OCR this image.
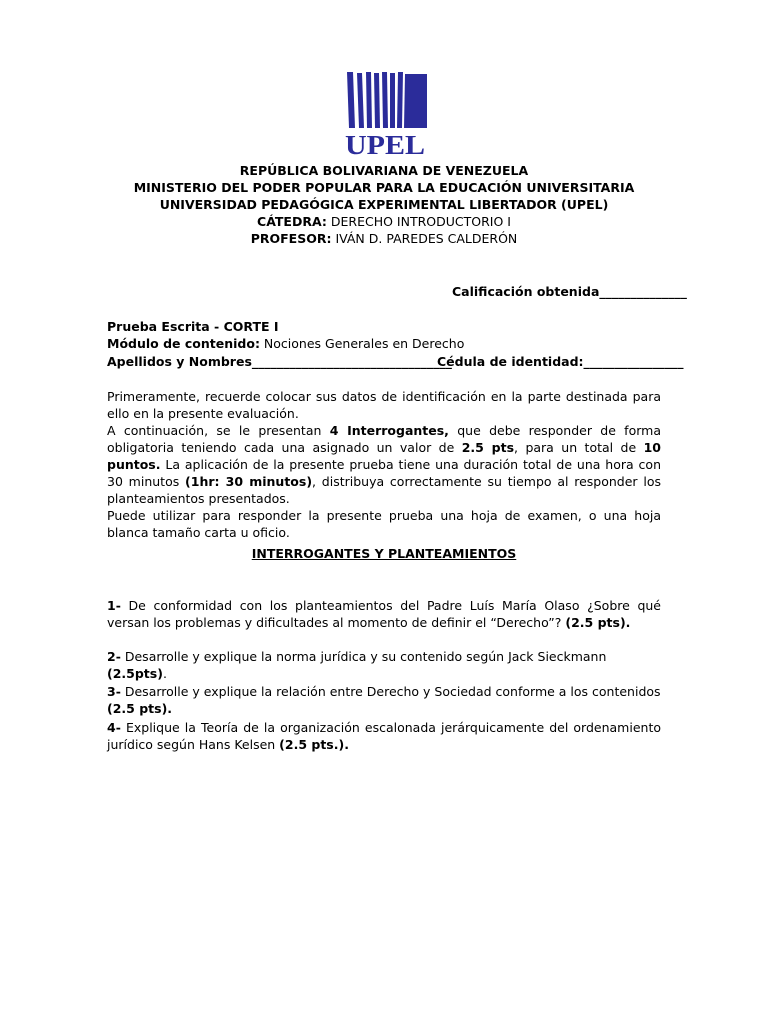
UPEL
REPÚBLICA BOLIVARIANA DE VENEZUELA
MINISTERIO DEL PODER POPULAR PARA LA EDUCACIÓN UNIVERSITARIA
UNIVERSIDAD PEDAGÓGICA EXPERIMENTAL LIBERTADOR (UPEL)
CÁTEDRA: DERECHO INTRODUCTORIO I
PROFESOR: IVÁN D. PAREDES CALDERÓN
Calificación obtenida______________
Prueba Escrita - CORTE I
Módulo de contenido: Nociones Generales en Derecho
Apellidos y Nombres________________________________
Cédula de identidad:________________

Primeramente, recuerde colocar sus datos de identificación en la parte destinada para ello en la presente evaluación.

A continuación, se le presentan 4 Interrogantes, que debe responder de forma obligatoria teniendo cada una asignado un valor de 2.5 pts, para un total de 10 puntos. La aplicación de la presente prueba tiene una duración total de una hora con 30 minutos (1hr: 30 minutos), distribuya correctamente su tiempo al responder los planteamientos presentados.

Puede utilizar para responder la presente prueba una hoja de examen, o una hoja blanca tamaño carta u oficio.

INTERROGANTES Y PLANTEAMIENTOS
1- De conformidad con los planteamientos del Padre Luís María Olaso ¿Sobre qué versan los problemas y dificultades al momento de definir el “Derecho”? (2.5 pts).
2- Desarrolle y explique la norma jurídica y su contenido según Jack Sieckmann (2.5pts).
3- Desarrolle y explique la relación entre Derecho y Sociedad conforme a los contenidos (2.5 pts).
4- Explique la Teoría de la organización escalonada jerárquicamente del ordenamiento jurídico según Hans Kelsen (2.5 pts.).
